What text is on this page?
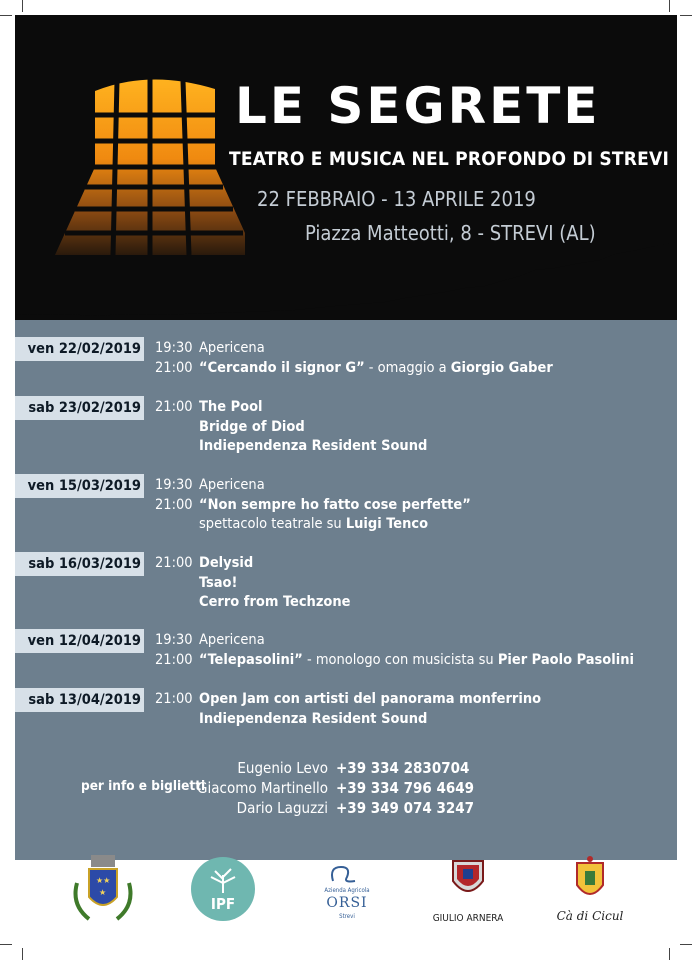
LE SEGRETE
TEATRO E MUSICA NEL PROFONDO DI STREVI
22 FEBBRAIO - 13 APRILE 2019
Piazza Matteotti, 8 - STREVI (AL)
ven 22/02/2019 19:30
21:00
Apericena
“Cercando il signor G” - omaggio a Giorgio Gaber
sab 23/02/2019 21:00 The Pool
Bridge of Diod
Indiependenza Resident Sound
ven 15/03/2019 19:30
21:00
Apericena
“Non sempre ho fatto cose perfette”
spettacolo teatrale su Luigi Tenco
sab 16/03/2019 21:00 Delysid
Tsao!
Cerro from Techzone
ven 12/04/2019 19:30
21:00
Apericena
“Telepasolini” - monologo con musicista su Pier Paolo Pasolini
sab 13/04/2019 21:00 Open Jam con artisti del panorama monferrino
Indiependenza Resident Sound
per info e biglietti
Eugenio Levo +39 334 2830704
Giacomo Martinello +39 334 796 4649
Dario Laguzzi +39 349 074 3247
★★
★
IPF
Azienda Agricola
ORSI
Strevi	GIULIO ARNERA	Cà di Cicul
